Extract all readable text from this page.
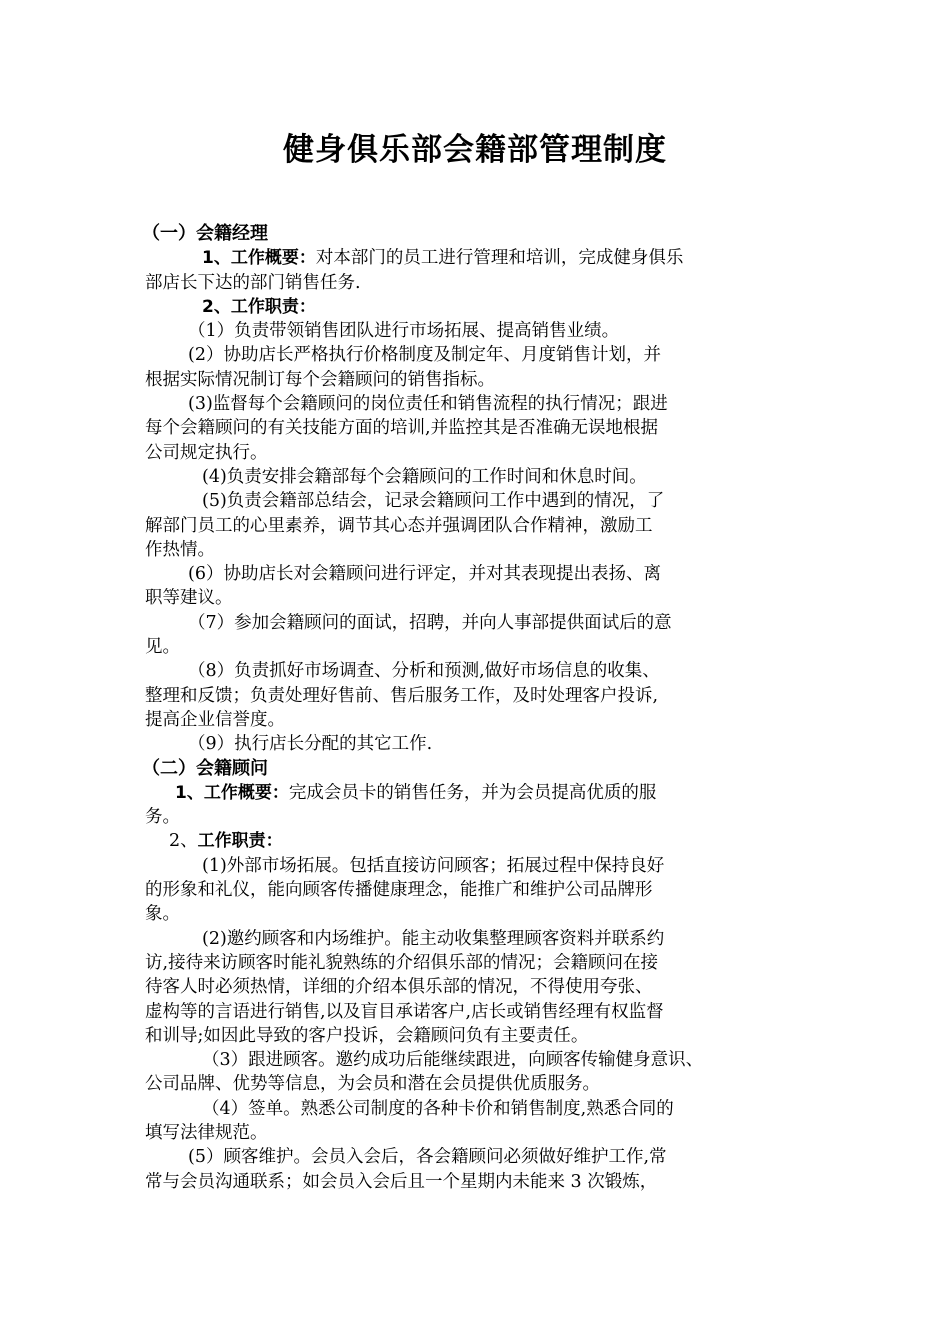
健身俱乐部会籍部管理制度
（一）会籍经理
1、工作概要：对本部门的员工进行管理和培训，完成健身俱乐
部店长下达的部门销售任务.
2、工作职责：
（1）负责带领销售团队进行市场拓展、提高销售业绩。
(2）协助店长严格执行价格制度及制定年、月度销售计划，并
根据实际情况制订每个会籍顾问的销售指标。
(3)监督每个会籍顾问的岗位责任和销售流程的执行情况；跟进
每个会籍顾问的有关技能方面的培训,并监控其是否准确无误地根据
公司规定执行。
(4)负责安排会籍部每个会籍顾问的工作时间和休息时间。
(5)负责会籍部总结会，记录会籍顾问工作中遇到的情况，了
解部门员工的心里素养，调节其心态并强调团队合作精神，激励工
作热情。
(6）协助店长对会籍顾问进行评定，并对其表现提出表扬、离
职等建议。
（7）参加会籍顾问的面试，招聘，并向人事部提供面试后的意
见。
（8）负责抓好市场调查、分析和预测,做好市场信息的收集、
整理和反馈；负责处理好售前、售后服务工作，及时处理客户投诉,
提高企业信誉度。
（9）执行店长分配的其它工作.
（二）会籍顾问
1、工作概要：完成会员卡的销售任务，并为会员提高优质的服
务。
2、工作职责：
(1)外部市场拓展。包括直接访问顾客；拓展过程中保持良好
的形象和礼仪，能向顾客传播健康理念，能推广和维护公司品牌形
象。
(2)邀约顾客和内场维护。能主动收集整理顾客资料并联系约
访,接待来访顾客时能礼貌熟练的介绍俱乐部的情况；会籍顾问在接
待客人时必须热情，详细的介绍本俱乐部的情况，不得使用夸张、
虚构等的言语进行销售,以及盲目承诺客户,店长或销售经理有权监督
和训导;如因此导致的客户投诉，会籍顾问负有主要责任。
（3）跟进顾客。邀约成功后能继续跟进，向顾客传输健身意识、
公司品牌、优势等信息，为会员和潜在会员提供优质服务。
（4）签单。熟悉公司制度的各种卡价和销售制度,熟悉合同的
填写法律规范。
(5）顾客维护。会员入会后，各会籍顾问必须做好维护工作,常
常与会员沟通联系；如会员入会后且一个星期内未能来 3 次锻炼，
